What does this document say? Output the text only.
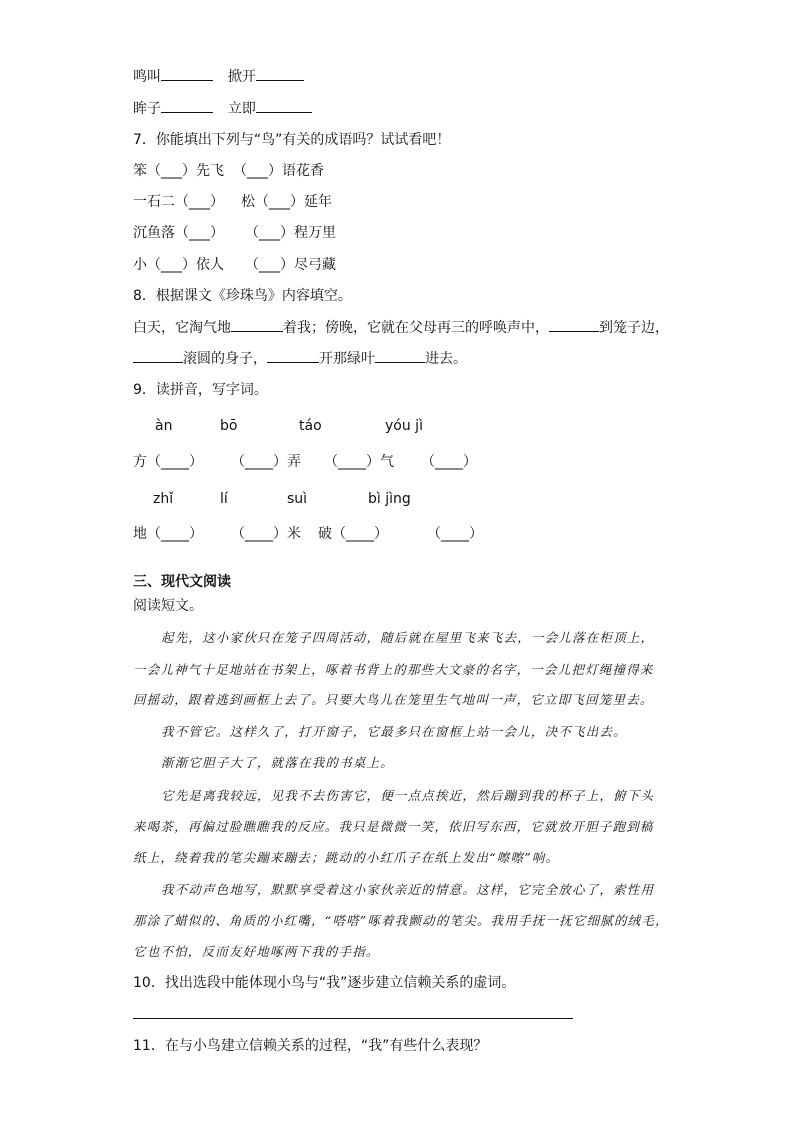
鸣叫	掀开
眸子	立即
7．你能填出下列与“鸟”有关的成语吗？试试看吧！
笨（___）先飞 （___）语花香
一石二（___） 松（___）延年
沉鱼落（___） （___）程万里
小（___）依人 （___）尽弓藏
8．根据课文《珍珠鸟》内容填空。
白天，它淘气地	着我；傍晚，它就在父母再三的呼唤声中，	到笼子边，
滚圆的身子，	开那绿叶	进去。
9．读拼音，写字词。
àn	bō	táo	yóu jì
方（____） （____）弄 （____）气 （____）
zhǐ	lí	suì	bì jìng
地（____） （____）米 破（____）	（____）
三、现代文阅读
阅读短文。
起先，这小家伙只在笼子四周活动，随后就在屋里飞来飞去，一会儿落在柜顶上，
一会儿神气十足地站在书架上，啄着书背上的那些大文豪的名字，一会儿把灯绳撞得来
回摇动，跟着逃到画框上去了。只要大鸟儿在笼里生气地叫一声，它立即飞回笼里去。
我不管它。这样久了，打开窗子，它最多只在窗框上站一会儿，决不飞出去。
渐渐它胆子大了，就落在我的书桌上。
它先是离我较远，见我不去伤害它，便一点点挨近，然后蹦到我的杯子上，俯下头
来喝茶，再偏过脸瞧瞧我的反应。我只是微微一笑，依旧写东西，它就放开胆子跑到稿
纸上，绕着我的笔尖蹦来蹦去；跳动的小红爪子在纸上发出“嚓嚓”响。
我不动声色地写，默默享受着这小家伙亲近的情意。这样，它完全放心了，索性用
那涂了蜡似的、角质的小红嘴，“嗒嗒”啄着我颤动的笔尖。我用手抚一抚它细腻的绒毛，
它也不怕，反而友好地啄两下我的手指。
10．找出选段中能体现小鸟与“我”逐步建立信赖关系的虚词。
11．在与小鸟建立信赖关系的过程，“我”有些什么表现？
